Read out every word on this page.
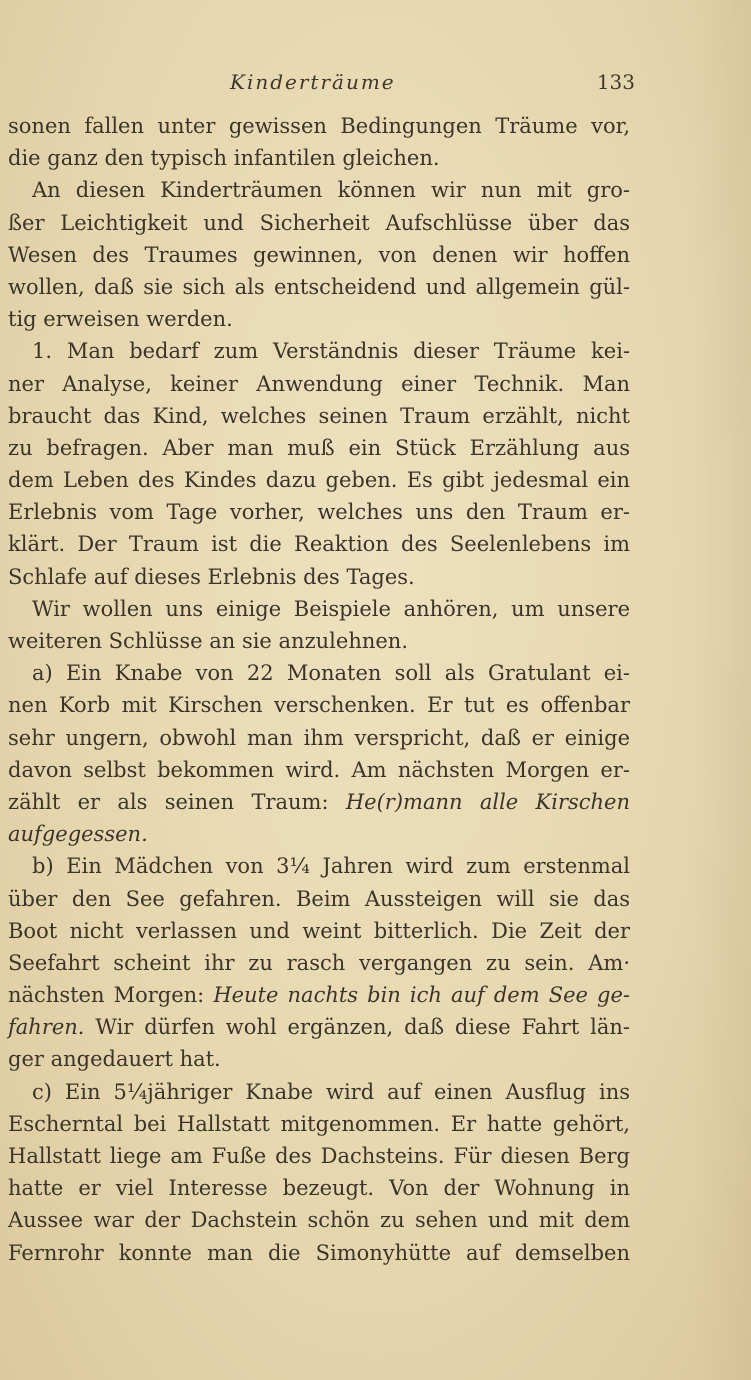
Kinderträume	133
sonen fallen unter gewissen Bedingungen Träume vor,
die ganz den typisch infantilen gleichen.
An diesen Kinderträumen können wir nun mit gro-
ßer Leichtigkeit und Sicherheit Aufschlüsse über das
Wesen des Traumes gewinnen, von denen wir hoffen
wollen, daß sie sich als entscheidend und allgemein gül-
tig erweisen werden.
1. Man bedarf zum Verständnis dieser Träume kei-
ner Analyse, keiner Anwendung einer Technik. Man
braucht das Kind, welches seinen Traum erzählt, nicht
zu befragen. Aber man muß ein Stück Erzählung aus
dem Leben des Kindes dazu geben. Es gibt jedesmal ein
Erlebnis vom Tage vorher, welches uns den Traum er-
klärt. Der Traum ist die Reaktion des Seelenlebens im
Schlafe auf dieses Erlebnis des Tages.
Wir wollen uns einige Beispiele anhören, um unsere
weiteren Schlüsse an sie anzulehnen.
a) Ein Knabe von 22 Monaten soll als Gratulant ei-
nen Korb mit Kirschen verschenken. Er tut es offenbar
sehr ungern, obwohl man ihm verspricht, daß er einige
davon selbst bekommen wird. Am nächsten Morgen er-
zählt er als seinen Traum: He(r)mann alle Kirschen
aufgegessen.
b) Ein Mädchen von 3¼ Jahren wird zum erstenmal
über den See gefahren. Beim Aussteigen will sie das
Boot nicht verlassen und weint bitterlich. Die Zeit der
Seefahrt scheint ihr zu rasch vergangen zu sein. Am·
nächsten Morgen: Heute nachts bin ich auf dem See ge-
fahren. Wir dürfen wohl ergänzen, daß diese Fahrt län-
ger angedauert hat.
c) Ein 5¼jähriger Knabe wird auf einen Ausflug ins
Escherntal bei Hallstatt mitgenommen. Er hatte gehört,
Hallstatt liege am Fuße des Dachsteins. Für diesen Berg
hatte er viel Interesse bezeugt. Von der Wohnung in
Aussee war der Dachstein schön zu sehen und mit dem
Fernrohr konnte man die Simonyhütte auf demselben
